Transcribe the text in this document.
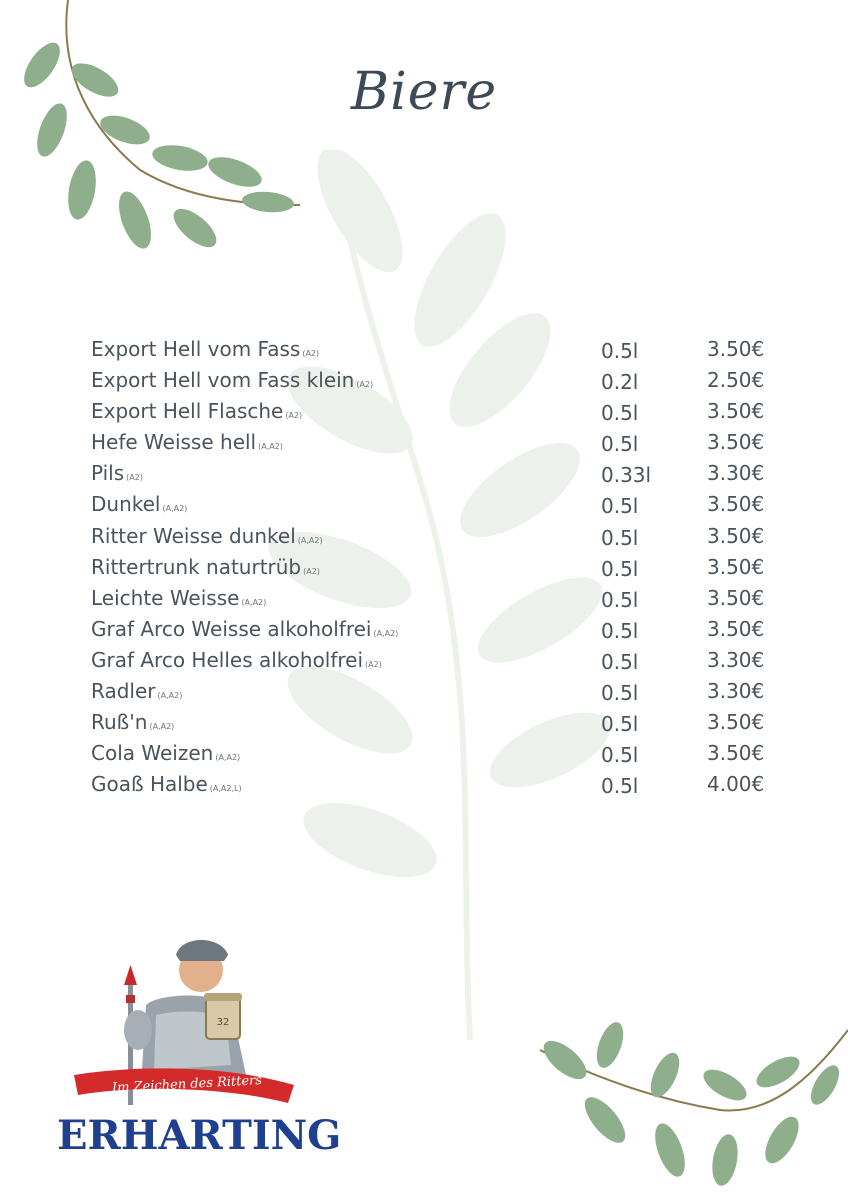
Biere
Export Hell vom Fass (A2)	0.5l	3.50€
Export Hell vom Fass klein (A2)	0.2l	2.50€
Export Hell Flasche (A2)	0.5l	3.50€
Hefe Weisse hell (A,A2)	0.5l	3.50€
Pils (A2)	0.33l	3.30€
Dunkel (A,A2)	0.5l	3.50€
Ritter Weisse dunkel (A,A2)	0.5l	3.50€
Rittertrunk naturtrüb (A2)	0.5l	3.50€
Leichte Weisse (A,A2)	0.5l	3.50€
Graf Arco Weisse alkoholfrei (A,A2)	0.5l	3.50€
Graf Arco Helles alkoholfrei (A2)	0.5l	3.30€
Radler (A,A2)	0.5l	3.30€
Ruß'n (A,A2)	0.5l	3.50€
Cola Weizen (A,A2)	0.5l	3.50€
Goaß Halbe (A,A2,L)	0.5l	4.00€
32
Im Zeichen des Ritters
ERHARTING
